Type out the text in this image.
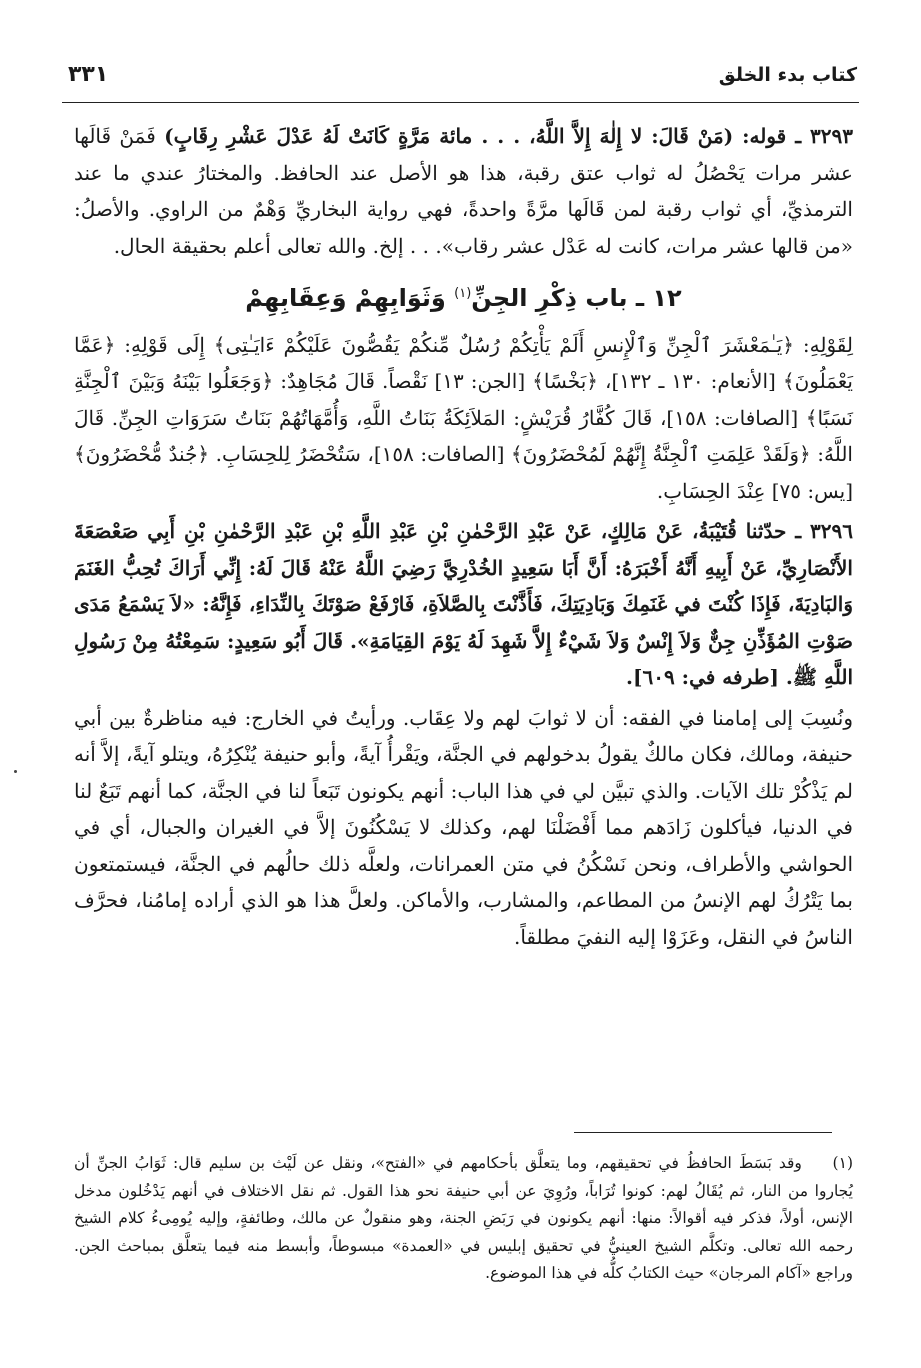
٣٣١	كتاب بدء الخلق

٣٢٩٣ ـ قوله: (مَنْ قَالَ: لا إِلٰهَ إِلاَّ اللَّهُ، . . . مائة مَرَّةٍ كَانَتْ لَهُ عَدْلَ عَشْرِ رِقَابٍ) فَمَنْ قَالَها عشر مرات يَحْصُلُ له ثواب عتق رقبة، هذا هو الأصل عند الحافظ. والمختارُ عندي ما عند الترمذيِّ، أي ثواب رقبة لمن قَالَها مرَّةً واحدةً، فهي رواية البخاريِّ وَهْمٌ من الراوي. والأصلُ: «من قالها عشر مرات، كانت له عَدْل عشر رقاب». . . إلخ. والله تعالى أعلم بحقيقة الحال.

١٢ ـ باب ذِكْرِ الجِنِّ$^{(١)}$ وَثَوَابِهِمْ وَعِقَابِهِمْ

لِقَوْلِهِ: ﴿يَـٰمَعْشَرَ ٱلْجِنِّ وَٱلْإِنسِ أَلَمْ يَأْتِكُمْ رُسُلٌ مِّنكُمْ يَقُصُّونَ عَلَيْكُمْ ءَايَـٰتِى﴾ إِلَى قَوْلِهِ: ﴿عَمَّا يَعْمَلُونَ﴾ [الأنعام: ١٣٠ ـ ١٣٢]، ﴿بَخْسًا﴾ [الجن: ١٣] نَقْصاً. قَالَ مُجَاهِدٌ: ﴿وَجَعَلُوا بَيْنَهُ وَبَيْنَ ٱلْجِنَّةِ نَسَبًا﴾ [الصافات: ١٥٨]، قَالَ كُفَّارُ قُرَيْشٍ: المَلاَئِكَةُ بَنَاتُ اللَّهِ، وَأُمَّهَاتُهُمْ بَنَاتُ سَرَوَاتِ الجِنِّ. قَالَ اللَّهُ: ﴿وَلَقَدْ عَلِمَتِ ٱلْجِنَّةُ إِنَّهُمْ لَمُحْضَرُونَ﴾ [الصافات: ١٥٨]، سَتُحْضَرُ لِلحِسَابِ. ﴿جُندٌ مُّحْضَرُونَ﴾ [يس: ٧٥] عِنْدَ الحِسَابِ.

٣٢٩٦ ـ حدّثنا قُتَيْبَةُ، عَنْ مَالِكٍ، عَنْ عَبْدِ الرَّحْمٰنِ بْنِ عَبْدِ اللَّهِ بْنِ عَبْدِ الرَّحْمٰنِ بْنِ أَبِي صَعْصَعَةَ الأَنْصَارِيِّ، عَنْ أَبِيهِ أَنَّهُ أَخْبَرَهُ: أَنَّ أَبَا سَعِيدٍ الخُدْرِيَّ رَضِيَ اللَّهُ عَنْهُ قَالَ لَهُ: إِنِّي أَرَاكَ تُحِبُّ الغَنَمَ وَالبَادِيَةَ، فَإِذَا كُنْتَ في غَنَمِكَ وَبَادِيَتِكَ، فَأَذَّنْتَ بِالصَّلاَةِ، فَارْفَعْ صَوْتَكَ بِالنِّدَاءِ، فَإِنَّهُ: «لاَ يَسْمَعُ مَدَى صَوْتِ المُؤَذِّنِ جِنٌّ وَلاَ إِنْسٌ وَلاَ شَيْءٌ إِلاَّ شَهِدَ لَهُ يَوْمَ القِيَامَةِ». قَالَ أَبُو سَعِيدٍ: سَمِعْتُهُ مِنْ رَسُولِ اللَّهِ ﷺ. [طرفه في: ٦٠٩].

ونُسِبَ إلى إمامنا في الفقه: أن لا ثوابَ لهم ولا عِقَاب. ورأيتُ في الخارج: فيه مناظرةٌ بين أبي حنيفة، ومالك، فكان مالكٌ يقولُ بدخولهم في الجنَّة، ويَقْرأُ آيةً، وأبو حنيفة يُنْكِرُهُ، ويتلو آيةً، إلاَّ أنه لم يَذْكُرْ تلك الآيات. والذي تبيَّن لي في هذا الباب: أنهم يكونون تَبَعاً لنا في الجنَّة، كما أنهم تَبَعٌ لنا في الدنيا، فيأكلون زَادَهم مما أَفْضَلْنَا لهم، وكذلك لا يَسْكُنُونَ إلاَّ في الغيران والجبال، أي في الحواشي والأطراف، ونحن نَسْكُنُ في متن العمرانات، ولعلَّه ذلك حالُهم في الجنَّة، فيستمتعون بما يَتْرُكُ لهم الإنسُ من المطاعم، والمشارب، والأماكن. ولعلَّ هذا هو الذي أراده إمامُنا، فحرَّف الناسُ في النقل، وعَزَوْا إليه النفيَ مطلقاً.

(١) وقد بَسَطَ الحافظُ في تحقيقهم، وما يتعلَّق بأحكامهم في «الفتح»، ونقل عن لَيْث بن سليم قال: ثَوَابُ الجنِّ أن يُجاروا من النار، ثم يُقَالُ لهم: كونوا تُرَاباً، ورُوِيَ عن أبي حنيفة نحو هذا القول. ثم نقل الاختلاف في أنهم يَدْخُلون مدخل الإنس، أولاً، فذكر فيه أقوالاً: منها: أنهم يكونون في رَبَضِ الجنة، وهو منقولٌ عن مالك، وطائفةٍ، وإليه يُومِىءُ كلام الشيخ رحمه الله تعالى. وتكلَّم الشيخ العينيُّ في تحقيق إبليس في «العمدة» مبسوطاً، وأبسط منه فيما يتعلَّق بمباحث الجن. وراجع «آكام المرجان» حيث الكتابُ كلُّه في هذا الموضوع.
